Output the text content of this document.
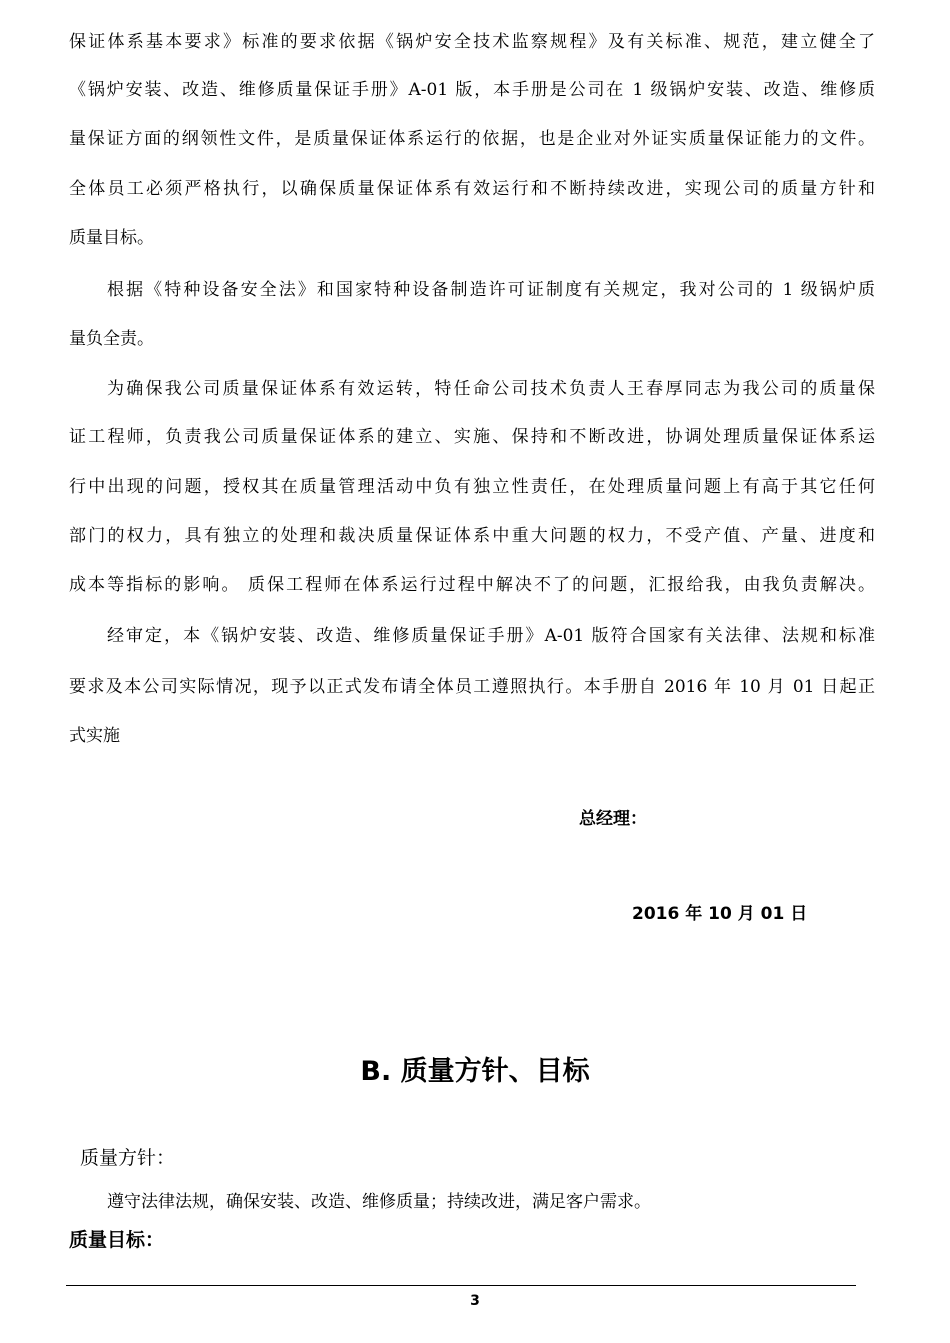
保证体系基本要求》标准的要求依据《锅炉安全技术监察规程》及有关标准、规范，建立健全了
《锅炉安装、改造、维修质量保证手册》A-01 版，本手册是公司在 1 级锅炉安装、改造、维修质
量保证方面的纲领性文件，是质量保证体系运行的依据，也是企业对外证实质量保证能力的文件。
全体员工必须严格执行，以确保质量保证体系有效运行和不断持续改进，实现公司的质量方针和
质量目标。
根据《特种设备安全法》和国家特种设备制造许可证制度有关规定，我对公司的 1 级锅炉质
量负全责。
为确保我公司质量保证体系有效运转，特任命公司技术负责人王春厚同志为我公司的质量保
证工程师，负责我公司质量保证体系的建立、实施、保持和不断改进，协调处理质量保证体系运
行中出现的问题，授权其在质量管理活动中负有独立性责任，在处理质量问题上有高于其它任何
部门的权力，具有独立的处理和裁决质量保证体系中重大问题的权力，不受产值、产量、进度和
成本等指标的影响。 质保工程师在体系运行过程中解决不了的问题，汇报给我，由我负责解决。
经审定，本《锅炉安装、改造、维修质量保证手册》A-01 版符合国家有关法律、法规和标准
要求及本公司实际情况，现予以正式发布请全体员工遵照执行。本手册自 2016 年 10 月 01 日起正
式实施
总经理：
2016 年 10 月 01 日
B. 质量方针、目标
质量方针：
遵守法律法规，确保安装、改造、维修质量；持续改进，满足客户需求。
质量目标：
3
